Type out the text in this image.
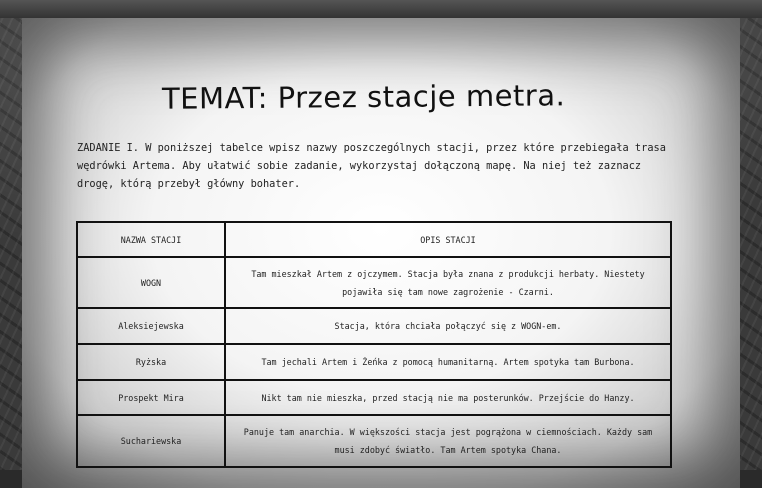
TEMAT: Przez stacje metra.
ZADANIE I. W poniższej tabelce wpisz nazwy poszczególnych stacji, przez które przebiegała trasa wędrówki Artema. Aby ułatwić sobie zadanie, wykorzystaj dołączoną mapę. Na niej też zaznacz drogę, którą przebył główny bohater.
NAZWA STACJI	OPIS STACJI
WOGN	Tam mieszkał Artem z ojczymem. Stacja była znana z produkcji herbaty. Niestety pojawiła się tam nowe zagrożenie - Czarni.
Aleksiejewska	Stacja, która chciała połączyć się z WOGN-em.
Ryżska	Tam jechali Artem i Żeńka z pomocą humanitarną. Artem spotyka tam Burbona.
Prospekt Mira	Nikt tam nie mieszka, przed stacją nie ma posterunków. Przejście do Hanzy.
Suchariewska	Panuje tam anarchia. W większości stacja jest pogrążona w ciemnościach. Każdy sam musi zdobyć światło. Tam Artem spotyka Chana.
